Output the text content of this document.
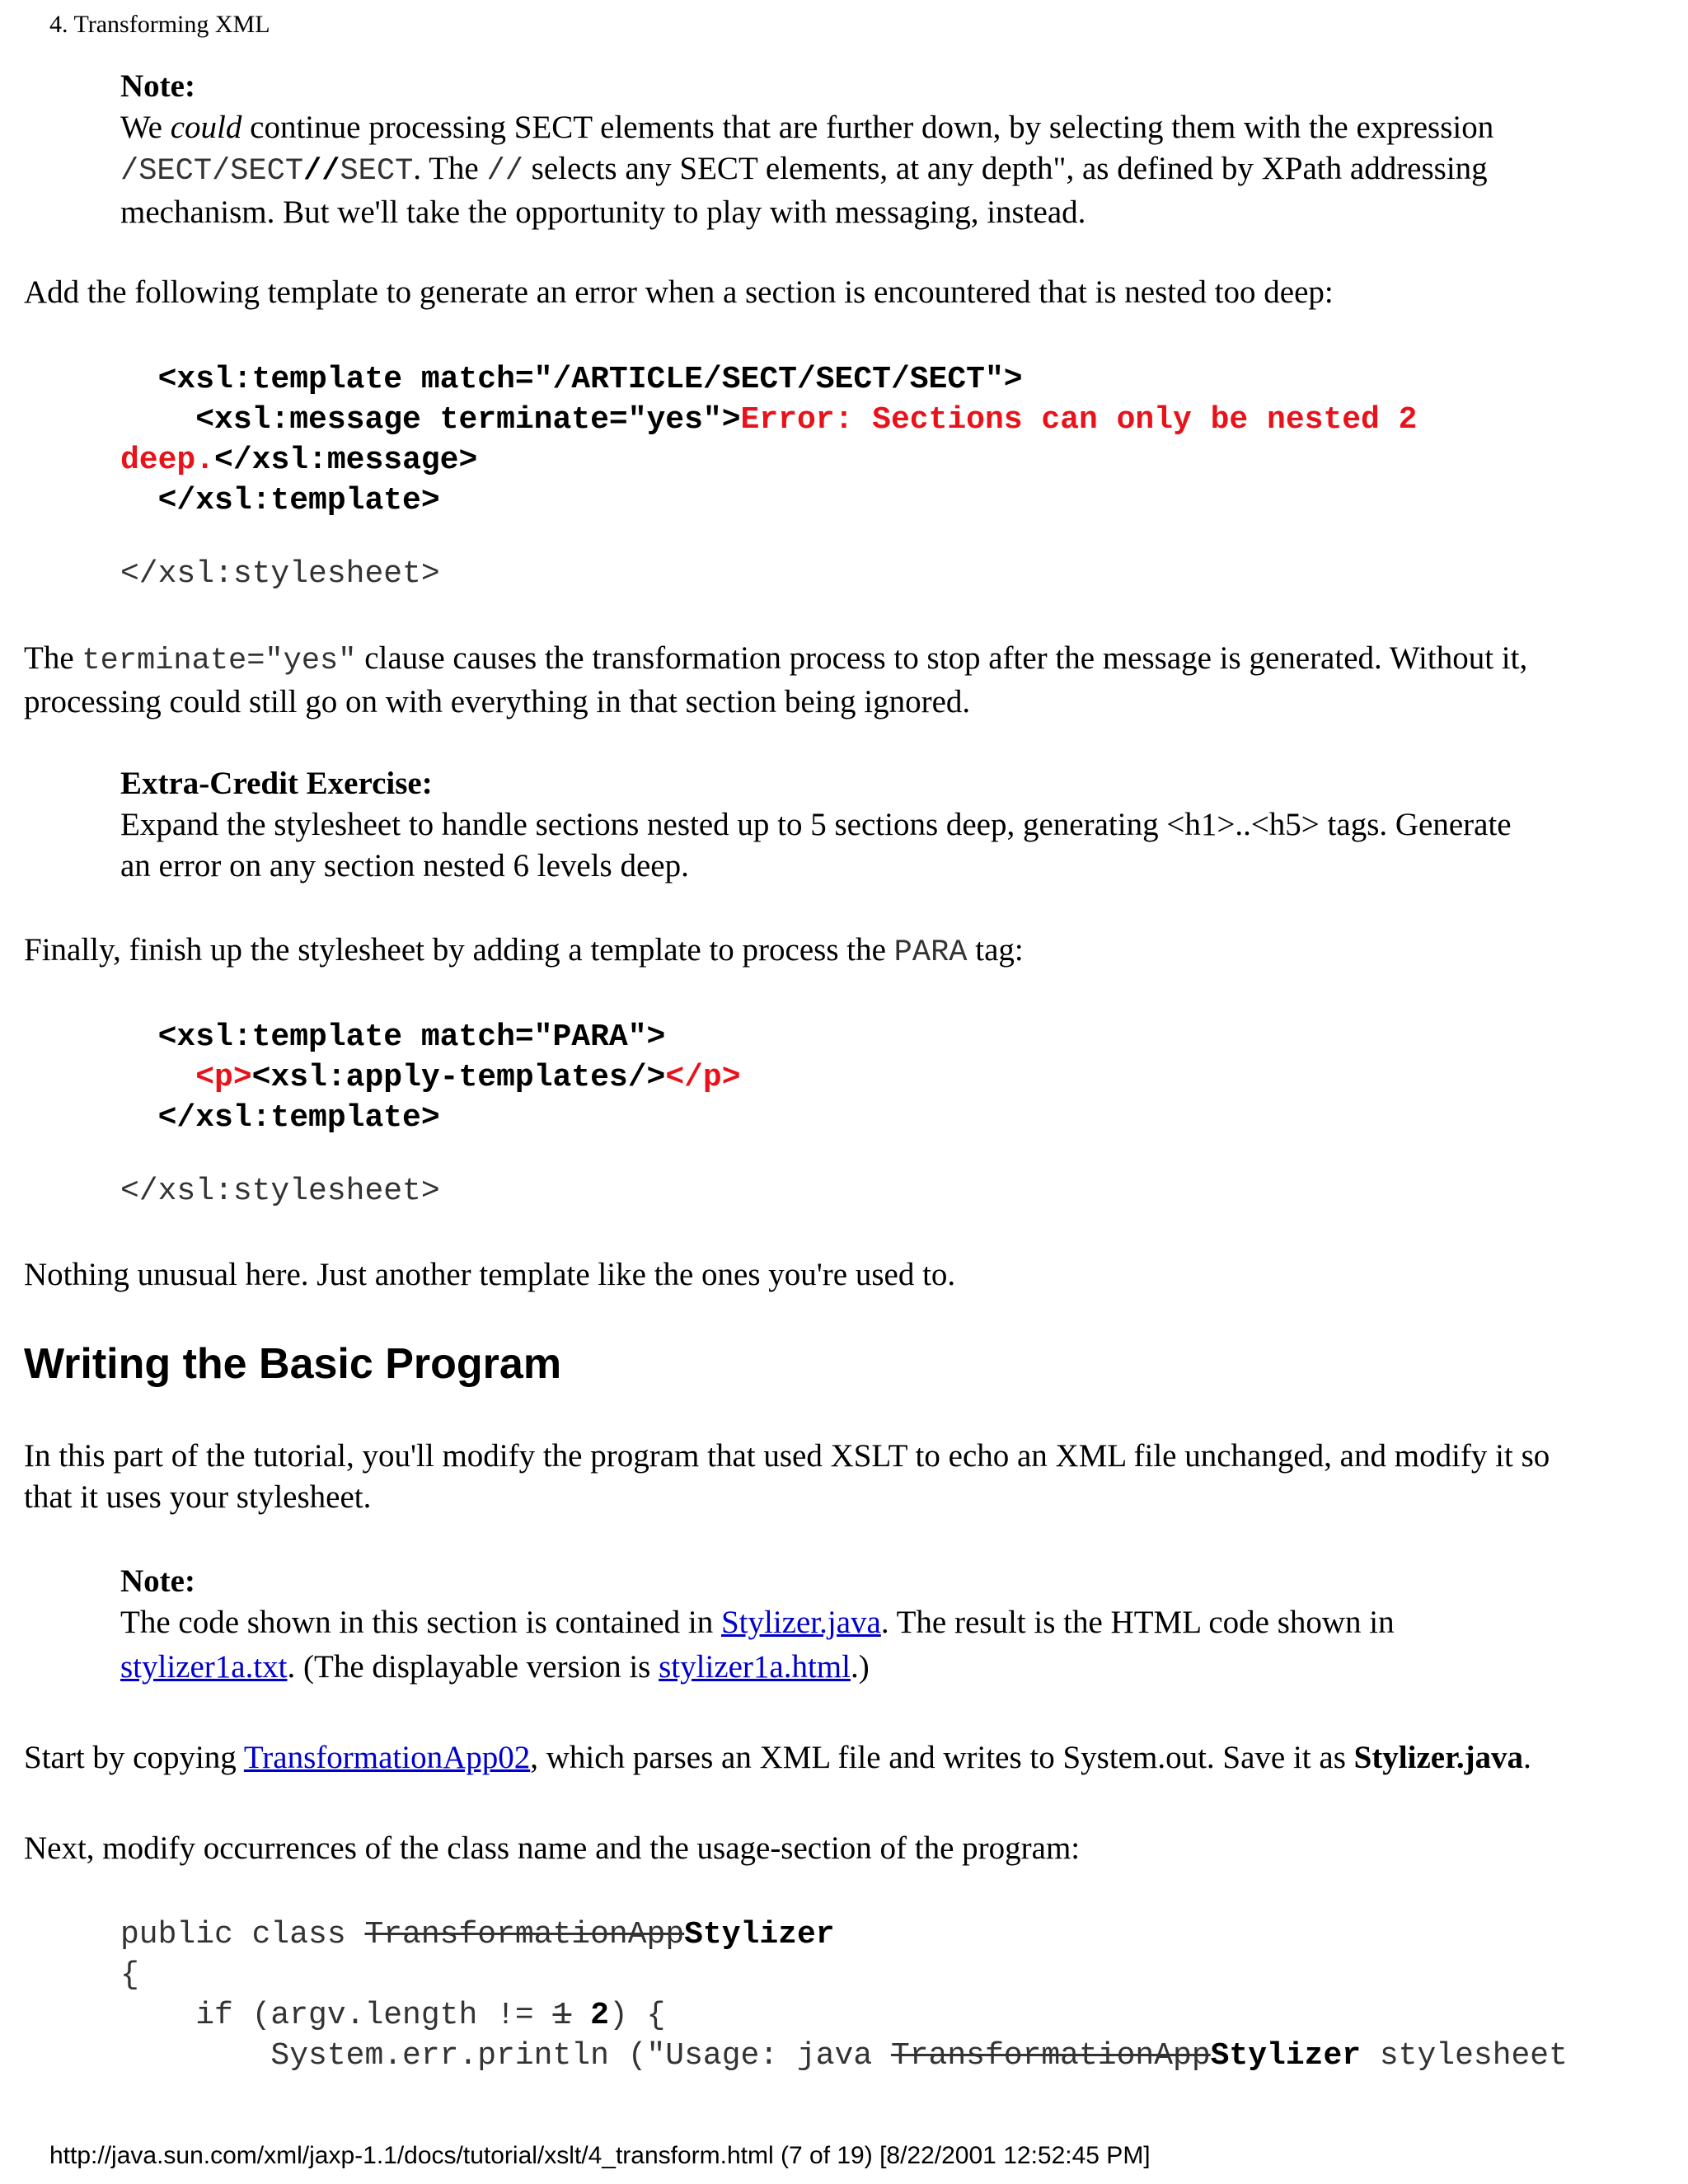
4. Transforming XML
Note:
We could continue processing SECT elements that are further down, by selecting them with the expression
/SECT/SECT//SECT. The // selects any SECT elements, at any depth", as defined by XPath addressing
mechanism. But we'll take the opportunity to play with messaging, instead.
Add the following template to generate an error when a section is encountered that is nested too deep:
<xsl:template match="/ARTICLE/SECT/SECT/SECT">
<xsl:message terminate="yes">Error: Sections can only be nested 2
deep.</xsl:message>
</xsl:template>
</xsl:stylesheet>
The terminate="yes" clause causes the transformation process to stop after the message is generated. Without it,
processing could still go on with everything in that section being ignored.
Extra-Credit Exercise:
Expand the stylesheet to handle sections nested up to 5 sections deep, generating <h1>..<h5> tags. Generate
an error on any section nested 6 levels deep.
Finally, finish up the stylesheet by adding a template to process the PARA tag:
<xsl:template match="PARA">
<p><xsl:apply-templates/></p>
</xsl:template>
</xsl:stylesheet>
Nothing unusual here. Just another template like the ones you're used to.
Writing the Basic Program
In this part of the tutorial, you'll modify the program that used XSLT to echo an XML file unchanged, and modify it so
that it uses your stylesheet.
Note:
The code shown in this section is contained in Stylizer.java. The result is the HTML code shown in
stylizer1a.txt. (The displayable version is stylizer1a.html.)
Start by copying TransformationApp02, which parses an XML file and writes to System.out. Save it as Stylizer.java.
Next, modify occurrences of the class name and the usage-section of the program:
public class TransformationAppStylizer
{
if (argv.length != 1 2) {
System.err.println ("Usage: java TransformationAppStylizer stylesheet
http://java.sun.com/xml/jaxp-1.1/docs/tutorial/xslt/4_transform.html (7 of 19) [8/22/2001 12:52:45 PM]
